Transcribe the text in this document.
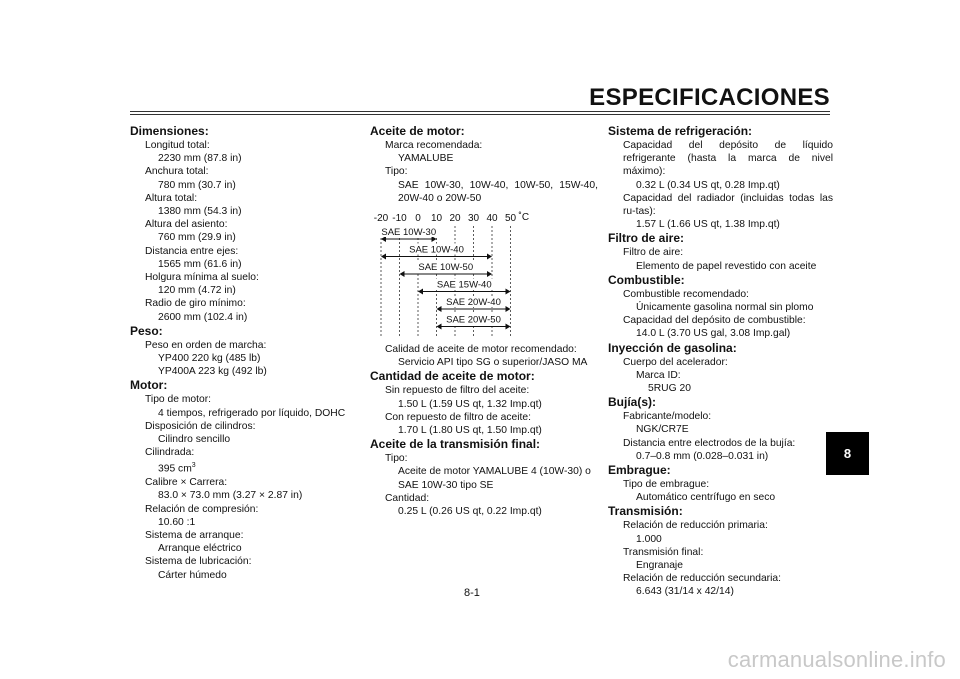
ESPECIFICACIONES
Dimensiones:
Longitud total:
2230 mm (87.8 in)
Anchura total:
780 mm (30.7 in)
Altura total:
1380 mm (54.3 in)
Altura del asiento:
760 mm (29.9 in)
Distancia entre ejes:
1565 mm (61.6 in)
Holgura mínima al suelo:
120 mm (4.72 in)
Radio de giro mínimo:
2600 mm (102.4 in)
Peso:
Peso en orden de marcha:
YP400 220 kg (485 lb)
YP400A 223 kg (492 lb)
Motor:
Tipo de motor:
4 tiempos, refrigerado por líquido, DOHC
Disposición de cilindros:
Cilindro sencillo
Cilindrada:
395 $cm^3$
Calibre × Carrera:
83.0 × 73.0 mm (3.27 × 2.87 in)
Relación de compresión:
10.60 :1
Sistema de arranque:
Arranque eléctrico
Sistema de lubricación:
Cárter húmedo
Aceite de motor:
Marca recomendada:
YAMALUBE
Tipo:
SAE 10W-30, 10W-40, 10W-50, 15W-40, 20W-40 o 20W-50
-20 -10 0 10 20 30 40 50 ˚C
SAE 10W-30
SAE 10W-40
SAE 10W-50
SAE 15W-40
SAE 20W-40
SAE 20W-50
Calidad de aceite de motor recomendado:
Servicio API tipo SG o superior/JASO MA
Cantidad de aceite de motor:
Sin repuesto de filtro del aceite:
1.50 L (1.59 US qt, 1.32 Imp.qt)
Con repuesto de filtro de aceite:
1.70 L (1.80 US qt, 1.50 Imp.qt)
Aceite de la transmisión final:
Tipo:
Aceite de motor YAMALUBE 4 (10W-30) o SAE 10W-30 tipo SE
Cantidad:
0.25 L (0.26 US qt, 0.22 Imp.qt)
Sistema de refrigeración:
Capacidad del depósito de líquido refrigerante (hasta la marca de nivel máximo):
0.32 L (0.34 US qt, 0.28 Imp.qt)
Capacidad del radiador (incluidas todas las ru-tas):
1.57 L (1.66 US qt, 1.38 Imp.qt)
Filtro de aire:
Filtro de aire:
Elemento de papel revestido con aceite
Combustible:
Combustible recomendado:
Únicamente gasolina normal sin plomo
Capacidad del depósito de combustible:
14.0 L (3.70 US gal, 3.08 Imp.gal)
Inyección de gasolina:
Cuerpo del acelerador:
Marca ID:
5RUG 20
Bujía(s):
Fabricante/modelo:
NGK/CR7E
Distancia entre electrodos de la bujía:
0.7–0.8 mm (0.028–0.031 in)
Embrague:
Tipo de embrague:
Automático centrífugo en seco
Transmisión:
Relación de reducción primaria:
1.000
Transmisión final:
Engranaje
Relación de reducción secundaria:
6.643 (31/14 x 42/14)
8
8-1
carmanualsonline.info
